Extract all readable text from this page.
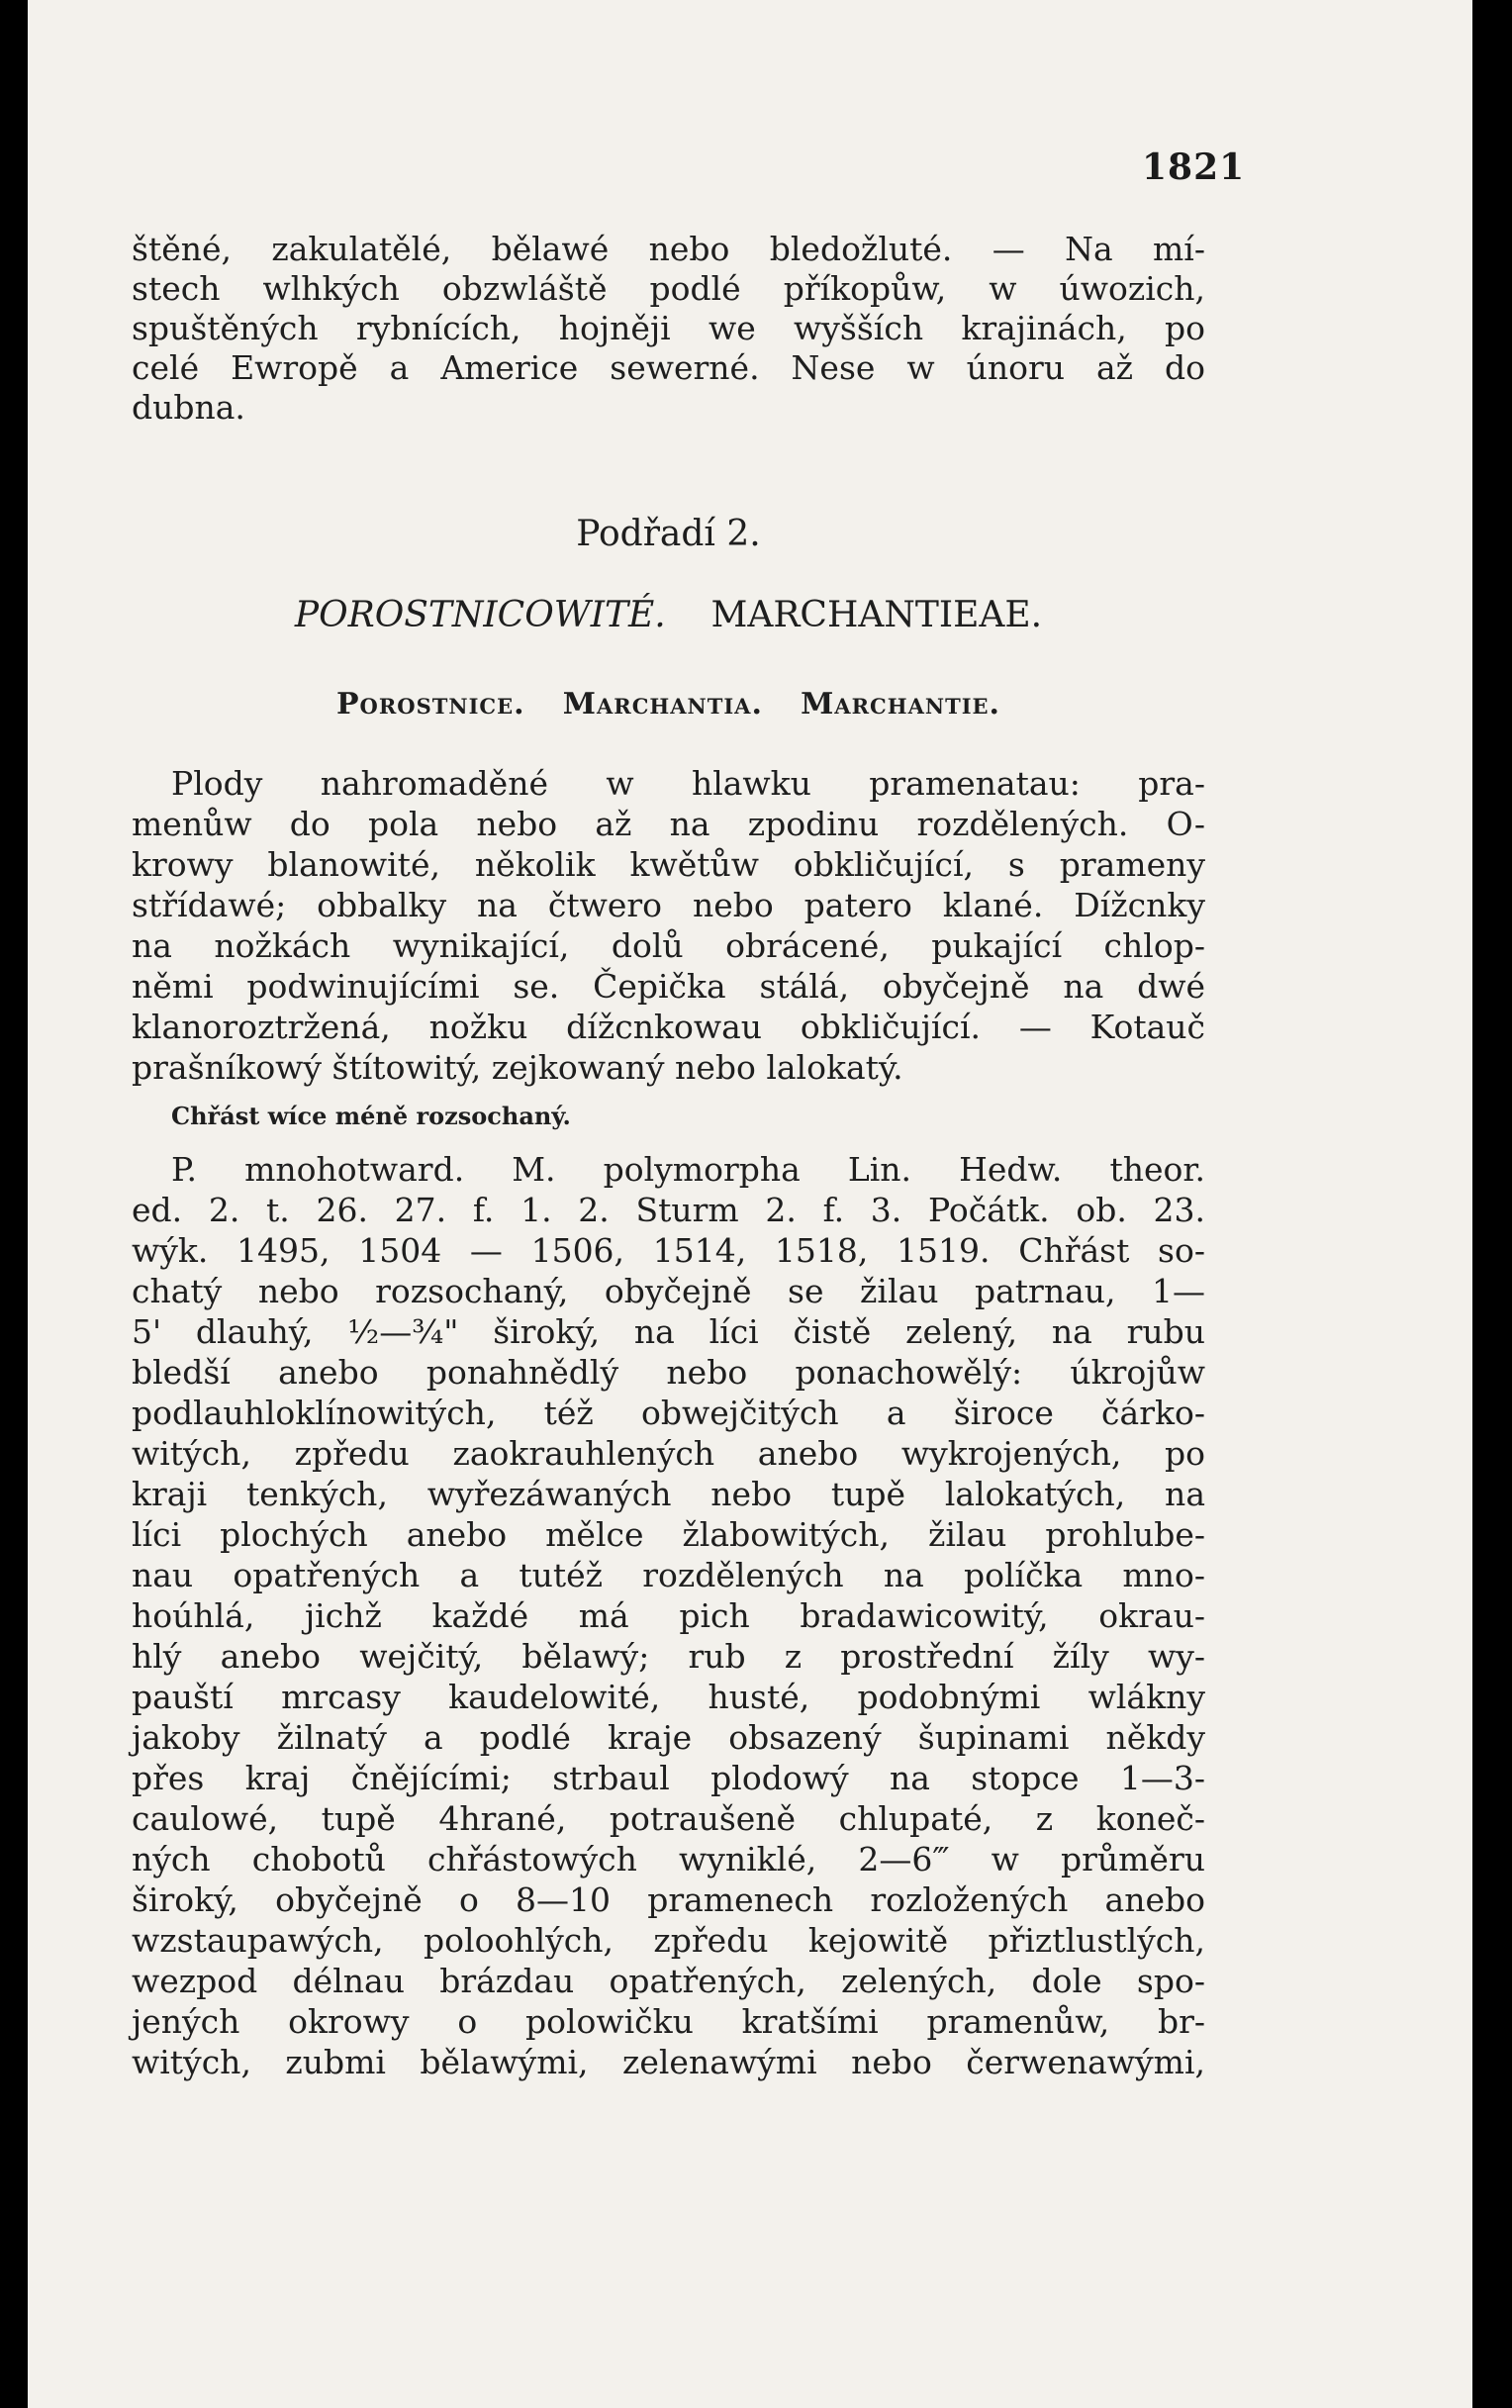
1821
štěné, zakulatělé, bělawé nebo bledožluté. — Na mí-
stech wlhkých obzwláště podlé příkopůw, w úwozich,
spuštěných rybnících, hojněji we wyšších krajinách, po
celé Ewropě a Americe sewerné. Nese w únoru až do
dubna.
Podřadí 2.
POROSTNICOWITÉ. MARCHANTIEAE.
Porostnice. Marchantia. Marchantie.
Plody nahromaděné w hlawku pramenatau: pra-
menůw do pola nebo až na zpodinu rozdělených. O-
krowy blanowité, několik kwětůw obkličující, s prameny
střídawé; obbalky na čtwero nebo patero klané. Dížcnky
na nožkách wynikající, dolů obrácené, pukající chlop-
němi podwinujícími se. Čepička stálá, obyčejně na dwé
klanoroztržená, nožku dížcnkowau obkličující. — Kotauč
prašníkowý štítowitý, zejkowaný nebo lalokatý.
Chřást wíce méně rozsochaný.
P. mnohotward. M. polymorpha Lin. Hedw. theor.
ed. 2. t. 26. 27. f. 1. 2. Sturm 2. f. 3. Počátk. ob. 23.
wýk. 1495, 1504 — 1506, 1514, 1518, 1519. Chřást so-
chatý nebo rozsochaný, obyčejně se žilau patrnau, 1—
5' dlauhý, ½—¾" široký, na líci čistě zelený, na rubu
bledší anebo ponahnědlý nebo ponachowělý: úkrojůw
podlauhloklínowitých, též obwejčitých a široce čárko-
witých, zpředu zaokrauhlených anebo wykrojených, po
kraji tenkých, wyřezáwaných nebo tupě lalokatých, na
líci plochých anebo mělce žlabowitých, žilau prohlube-
nau opatřených a tutéž rozdělených na políčka mno-
hoúhlá, jichž každé má pich bradawicowitý, okrau-
hlý anebo wejčitý, bělawý; rub z prostřední žíly wy-
pauští mrcasy kaudelowité, husté, podobnými wlákny
jakoby žilnatý a podlé kraje obsazený šupinami někdy
přes kraj čnějícími; strbaul plodowý na stopce 1—3-
caulowé, tupě 4hrané, potraušeně chlupaté, z koneč-
ných chobotů chřástowých wyniklé, 2—6‴ w průměru
široký, obyčejně o 8—10 pramenech rozložených anebo
wzstaupawých, poloohlých, zpředu kejowitě přiztlustlých,
wezpod délnau brázdau opatřených, zelených, dole spo-
jených okrowy o polowičku kratšími pramenůw, br-
witých, zubmi bělawými, zelenawými nebo čerwenawými,
